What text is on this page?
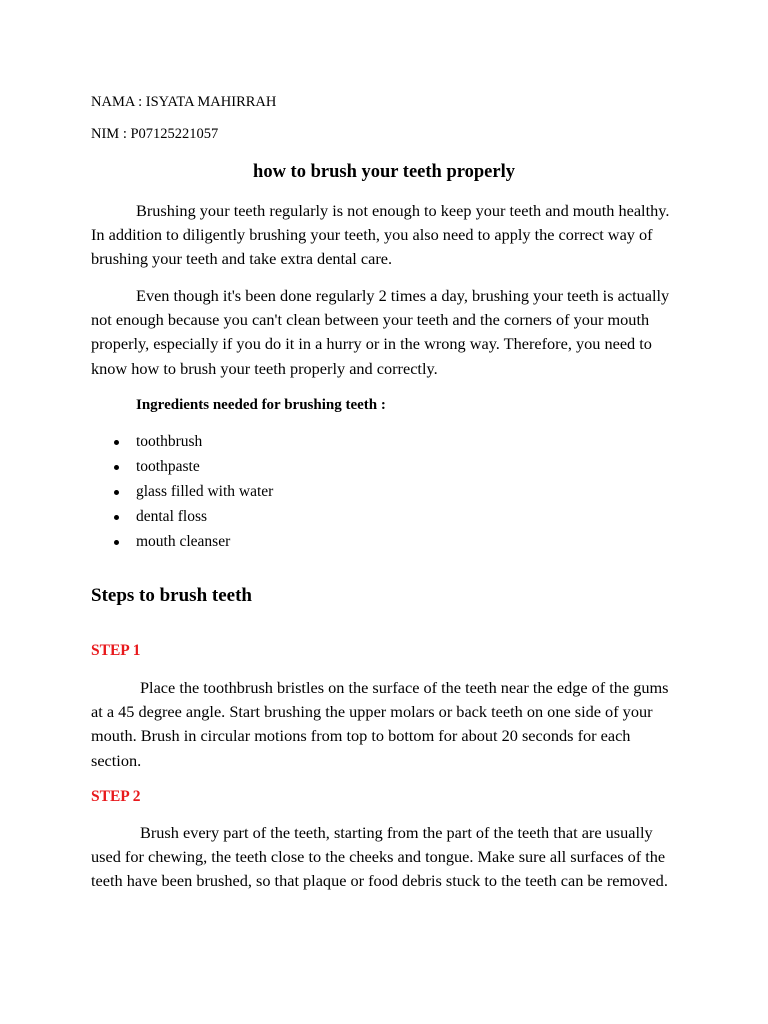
NAMA : ISYATA MAHIRRAH
NIM : P07125221057
how to brush your teeth properly

Brushing your teeth regularly is not enough to keep your teeth and mouth healthy. In addition to diligently brushing your teeth, you also need to apply the correct way of brushing your teeth and take extra dental care.

Even though it's been done regularly 2 times a day, brushing your teeth is actually not enough because you can't clean between your teeth and the corners of your mouth properly, especially if you do it in a hurry or in the wrong way. Therefore, you need to know how to brush your teeth properly and correctly.

Ingredients needed for brushing teeth :

toothbrush
toothpaste
glass filled with water
dental floss
mouth cleanser
Steps to brush teeth

STEP 1

Place the toothbrush bristles on the surface of the teeth near the edge of the gums at a 45 degree angle. Start brushing the upper molars or back teeth on one side of your mouth. Brush in circular motions from top to bottom for about 20 seconds for each section.

STEP 2

Brush every part of the teeth, starting from the part of the teeth that are usually used for chewing, the teeth close to the cheeks and tongue. Make sure all surfaces of the teeth have been brushed, so that plaque or food debris stuck to the teeth can be removed.
